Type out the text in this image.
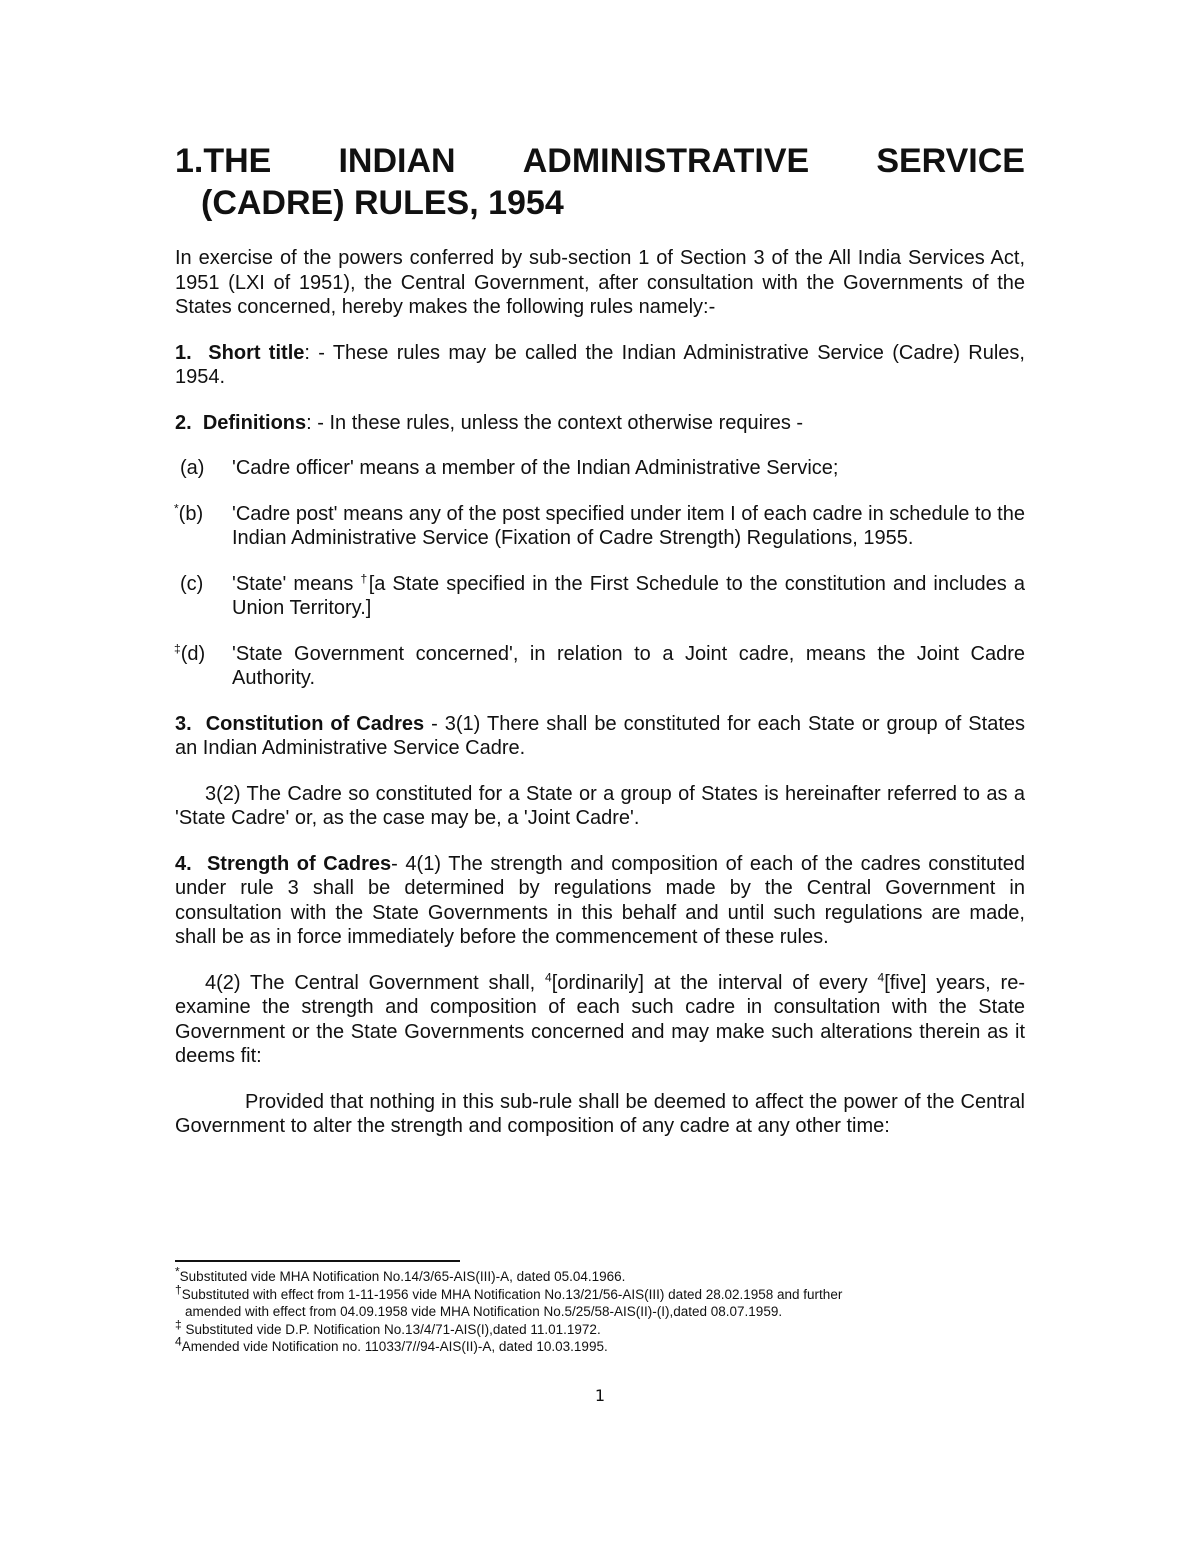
1.THE INDIAN ADMINISTRATIVE SERVICE
(CADRE) RULES, 1954

In exercise of the powers conferred by sub-section 1 of Section 3 of the All India Services Act, 1951 (LXI of 1951), the Central Government, after consultation with the Governments of the States concerned, hereby makes the following rules namely:-

1. Short title: - These rules may be called the Indian Administrative Service (Cadre) Rules, 1954.

2. Definitions: - In these rules, unless the context otherwise requires -

(a)	'Cadre officer' means a member of the Indian Administrative Service;
*(b)	'Cadre post' means any of the post specified under item I of each cadre in schedule to the Indian Administrative Service (Fixation of Cadre Strength) Regulations, 1955.
(c)	'State' means †[a State specified in the First Schedule to the constitution and includes a Union Territory.]
‡(d)	'State Government concerned', in relation to a Joint cadre, means the Joint Cadre Authority.

3. Constitution of Cadres - 3(1) There shall be constituted for each State or group of States an Indian Administrative Service Cadre.

3(2) The Cadre so constituted for a State or a group of States is hereinafter referred to as a 'State Cadre' or, as the case may be, a 'Joint Cadre'.

4. Strength of Cadres- 4(1) The strength and composition of each of the cadres constituted under rule 3 shall be determined by regulations made by the Central Government in consultation with the State Governments in this behalf and until such regulations are made, shall be as in force immediately before the commencement of these rules.

4(2) The Central Government shall, $^4$[ordinarily] at the interval of every $^4$[five] years, re-examine the strength and composition of each such cadre in consultation with the State Government or the State Governments concerned and may make such alterations therein as it deems fit:

Provided that nothing in this sub-rule shall be deemed to affect the power of the Central Government to alter the strength and composition of any cadre at any other time:

*Substituted vide MHA Notification No.14/3/65-AIS(III)-A, dated 05.04.1966.
†Substituted with effect from 1-11-1956 vide MHA Notification No.13/21/56-AIS(III) dated 28.02.1958 and further
amended with effect from 04.09.1958 vide MHA Notification No.5/25/58-AIS(II)-(I),dated 08.07.1959.
‡ Substituted vide D.P. Notification No.13/4/71-AIS(I),dated 11.01.1972.
$^4$Amended vide Notification no. 11033/7//94-AIS(II)-A, dated 10.03.1995.
1
